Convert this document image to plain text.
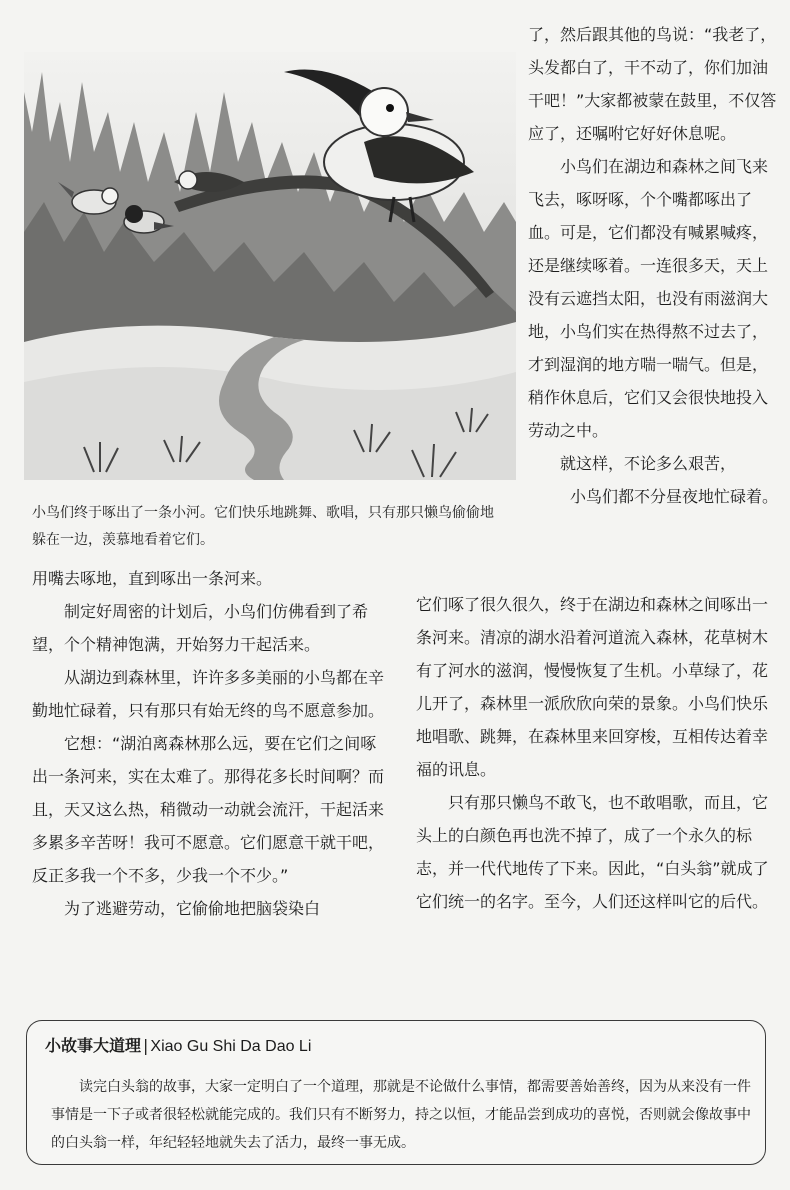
小鸟们终于啄出了一条小河。它们快乐地跳舞、歌唱，只有那只懒鸟偷偷地躲在一边，羡慕地看着它们。

了，然后跟其他的鸟说：“我老了，头发都白了，干不动了，你们加油干吧！”大家都被蒙在鼓里，不仅答应了，还嘱咐它好好休息呢。

小鸟们在湖边和森林之间飞来飞去，啄呀啄，个个嘴都啄出了血。可是，它们都没有喊累喊疼，还是继续啄着。一连很多天，天上没有云遮挡太阳，也没有雨滋润大地，小鸟们实在热得熬不过去了，才到湿润的地方喘一喘气。但是，稍作休息后，它们又会很快地投入劳动之中。

就这样，不论多么艰苦，

小鸟们都不分昼夜地忙碌着。

用嘴去啄地，直到啄出一条河来。

制定好周密的计划后，小鸟们仿佛看到了希望，个个精神饱满，开始努力干起活来。

从湖边到森林里，许许多多美丽的小鸟都在辛勤地忙碌着，只有那只有始无终的鸟不愿意参加。

它想：“湖泊离森林那么远，要在它们之间啄出一条河来，实在太难了。那得花多长时间啊？而且，天又这么热，稍微动一动就会流汗，干起活来多累多辛苦呀！我可不愿意。它们愿意干就干吧，反正多我一个不多，少我一个不少。”

为了逃避劳动，它偷偷地把脑袋染白

它们啄了很久很久，终于在湖边和森林之间啄出一条河来。清凉的湖水沿着河道流入森林，花草树木有了河水的滋润，慢慢恢复了生机。小草绿了，花儿开了，森林里一派欣欣向荣的景象。小鸟们快乐地唱歌、跳舞，在森林里来回穿梭，互相传达着幸福的讯息。

只有那只懒鸟不敢飞，也不敢唱歌，而且，它头上的白颜色再也洗不掉了，成了一个永久的标志，并一代代地传了下来。因此，“白头翁”就成了它们统一的名字。至今，人们还这样叫它的后代。

小故事大道理 | Xiao Gu Shi Da Dao Li
读完白头翁的故事，大家一定明白了一个道理，那就是不论做什么事情，都需要善始善终，因为从来没有一件事情是一下子或者很轻松就能完成的。我们只有不断努力，持之以恒，才能品尝到成功的喜悦，否则就会像故事中的白头翁一样，年纪轻轻地就失去了活力，最终一事无成。
